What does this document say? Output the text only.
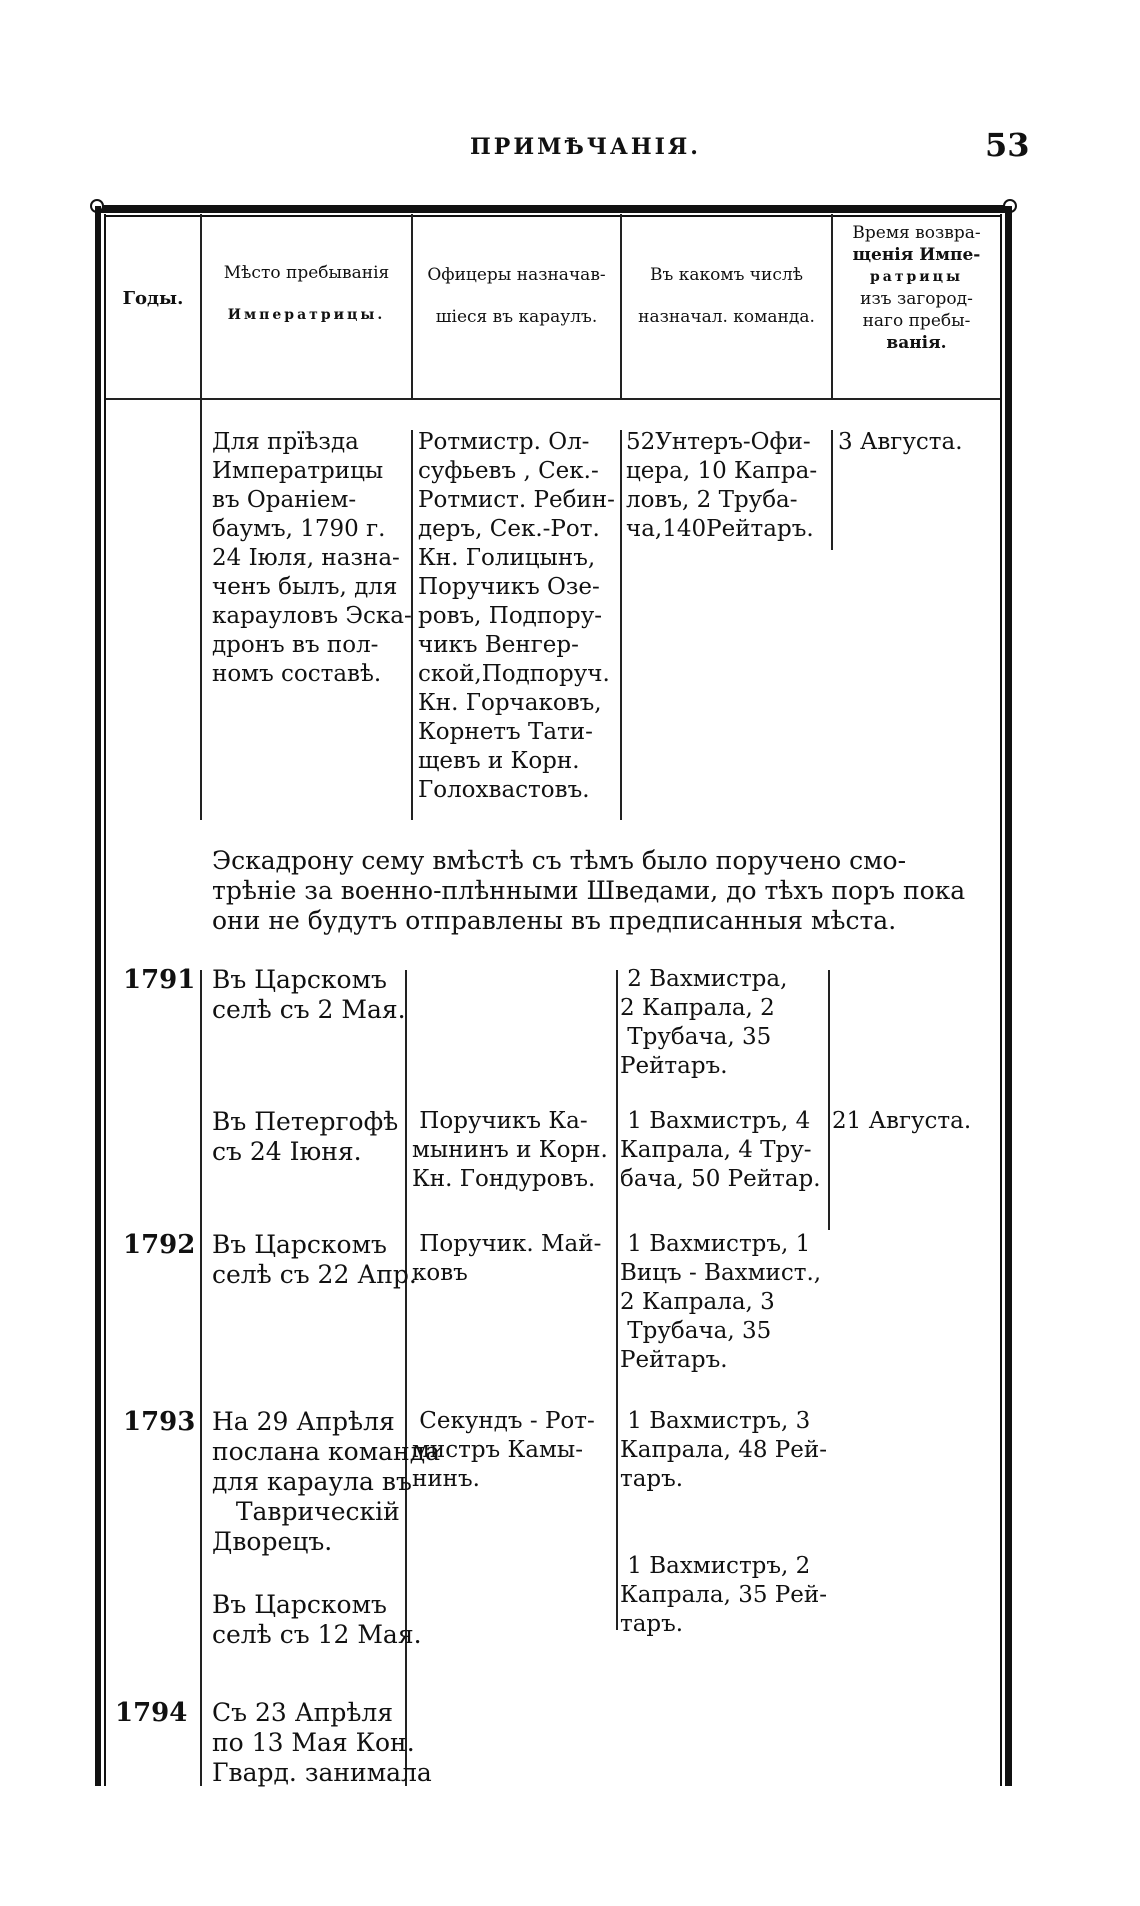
ПРИМѢЧАНІЯ.	53
Годы.
Мѣсто пребыванія
Императрицы.
Офицеры назначав-
шіеся въ караулъ.
Въ какомъ числѣ
назначал. команда.
Время возвра-
щенія Импе-
ратрицы
изъ загород-
наго пребы-
ванія.
Для прїѣзда
Императрицы
въ Ораніем-
баумъ, 1790 г.
24 Іюля, назна-
ченъ былъ, для
карауловъ Эска-
дронъ въ пол-
номъ составѣ.
Ротмистр. Ол-
суфьевъ , Сек.-
Ротмист. Ребин-
деръ, Сек.-Рот.
Кн. Голицынъ,
Поручикъ Озе-
ровъ, Подпору-
чикъ Венгер-
ской,Подпоруч.
Кн. Горчаковъ,
Корнетъ Тати-
щевъ и Корн.
Голохвастовъ.
52Унтеръ-Офи-
цера, 10 Капра-
ловъ, 2 Труба-
ча,140Рейтаръ.
3 Августа.
Эскадрону сему вмѣстѣ съ тѣмъ было поручено смо-
трѣніе за военно-плѣнными Шведами, до тѣхъ поръ пока
они не будутъ отправлены въ предписанныя мѣста.
1791 Въ Царскомъ
селѣ съ 2 Мая.
2 Вахмистра,
2 Капрала, 2
Трубача, 35
Рейтаръ.
Въ Петергофѣ
съ 24 Іюня.
Поручикъ Ка-
мынинъ и Корн.
Кн. Гондуровъ.
1 Вахмистръ, 4
Капрала, 4 Тру-
бача, 50 Рейтар.
21 Августа.
1792 Въ Царскомъ
селѣ съ 22 Апр.
Поручик. Май-
ковъ
1 Вахмистръ, 1
Вицъ - Вахмист.,
2 Капрала, 3
Трубача, 35
Рейтаръ.
1793 На 29 Апрѣля
послана команда
для караула въ
Таврическій
Дворецъ.
Секундъ - Рот-
мистръ Камы-
нинъ.
1 Вахмистръ, 3
Капрала, 48 Рей-
таръ.
Въ Царскомъ
селѣ съ 12 Мая.
1 Вахмистръ, 2
Капрала, 35 Рей-
таръ.
1794 Съ 23 Апрѣля
по 13 Мая Кон.
Гвард. занимала
